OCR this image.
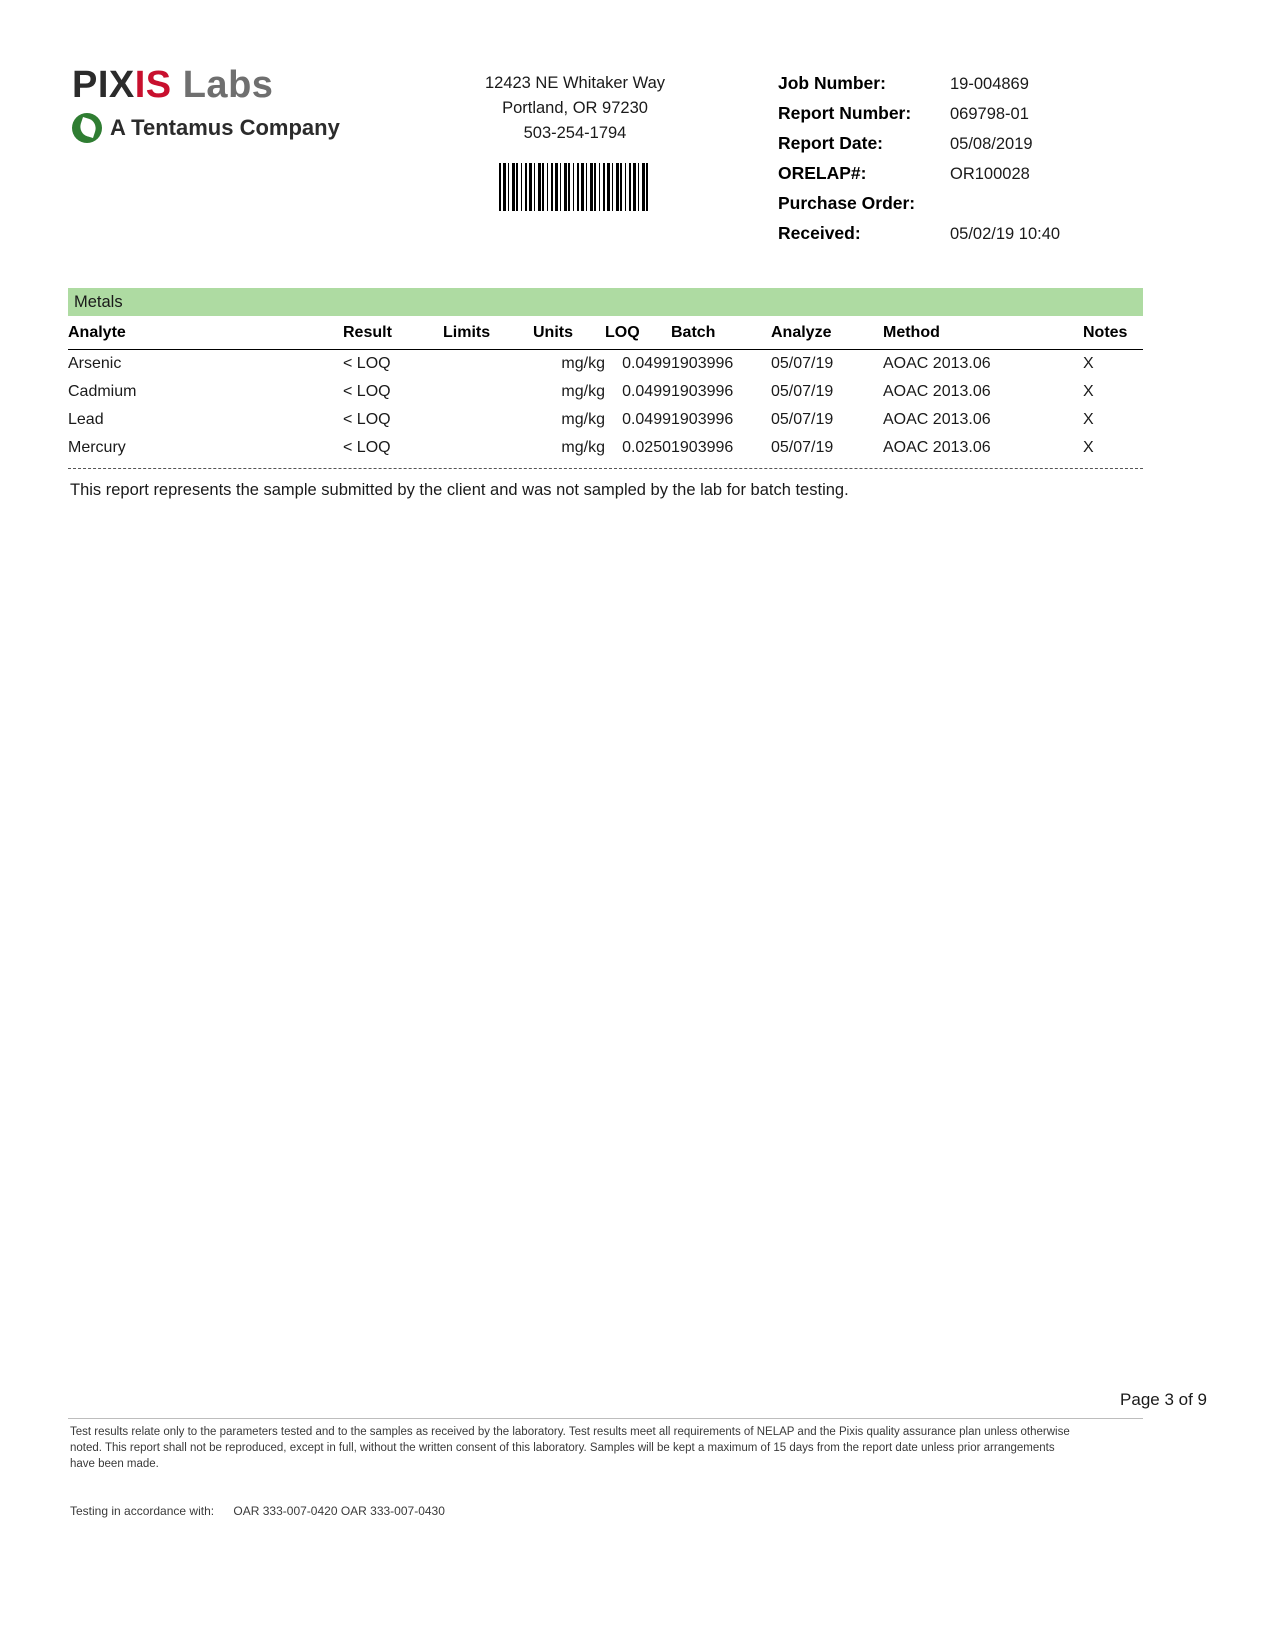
PIXIS Labs
A Tentamus Company
12423 NE Whitaker Way
Portland, OR 97230
503-254-1794
Job Number:	19-004869
Report Number:	069798-01
Report Date:	05/08/2019
ORELAP#:	OR100028
Purchase Order:
Received:	05/02/19 10:40
Metals
Analyte	Result	Limits	Units	LOQ	Batch	Analyze	Method	Notes
Arsenic	< LOQ		mg/kg	0.0499	1903996	05/07/19	AOAC 2013.06	X
Cadmium	< LOQ		mg/kg	0.0499	1903996	05/07/19	AOAC 2013.06	X
Lead	< LOQ		mg/kg	0.0499	1903996	05/07/19	AOAC 2013.06	X
Mercury	< LOQ		mg/kg	0.0250	1903996	05/07/19	AOAC 2013.06	X
This report represents the sample submitted by the client and was not sampled by the lab for batch testing.
Page 3 of 9
Test results relate only to the parameters tested and to the samples as received by the laboratory. Test results meet all requirements of NELAP and the Pixis quality assurance plan unless otherwise noted. This report shall not be reproduced, except in full, without the written consent of this laboratory. Samples will be kept a maximum of 15 days from the report date unless prior arrangements have been made.
Testing in accordance with: OAR 333-007-0420 OAR 333-007-0430
